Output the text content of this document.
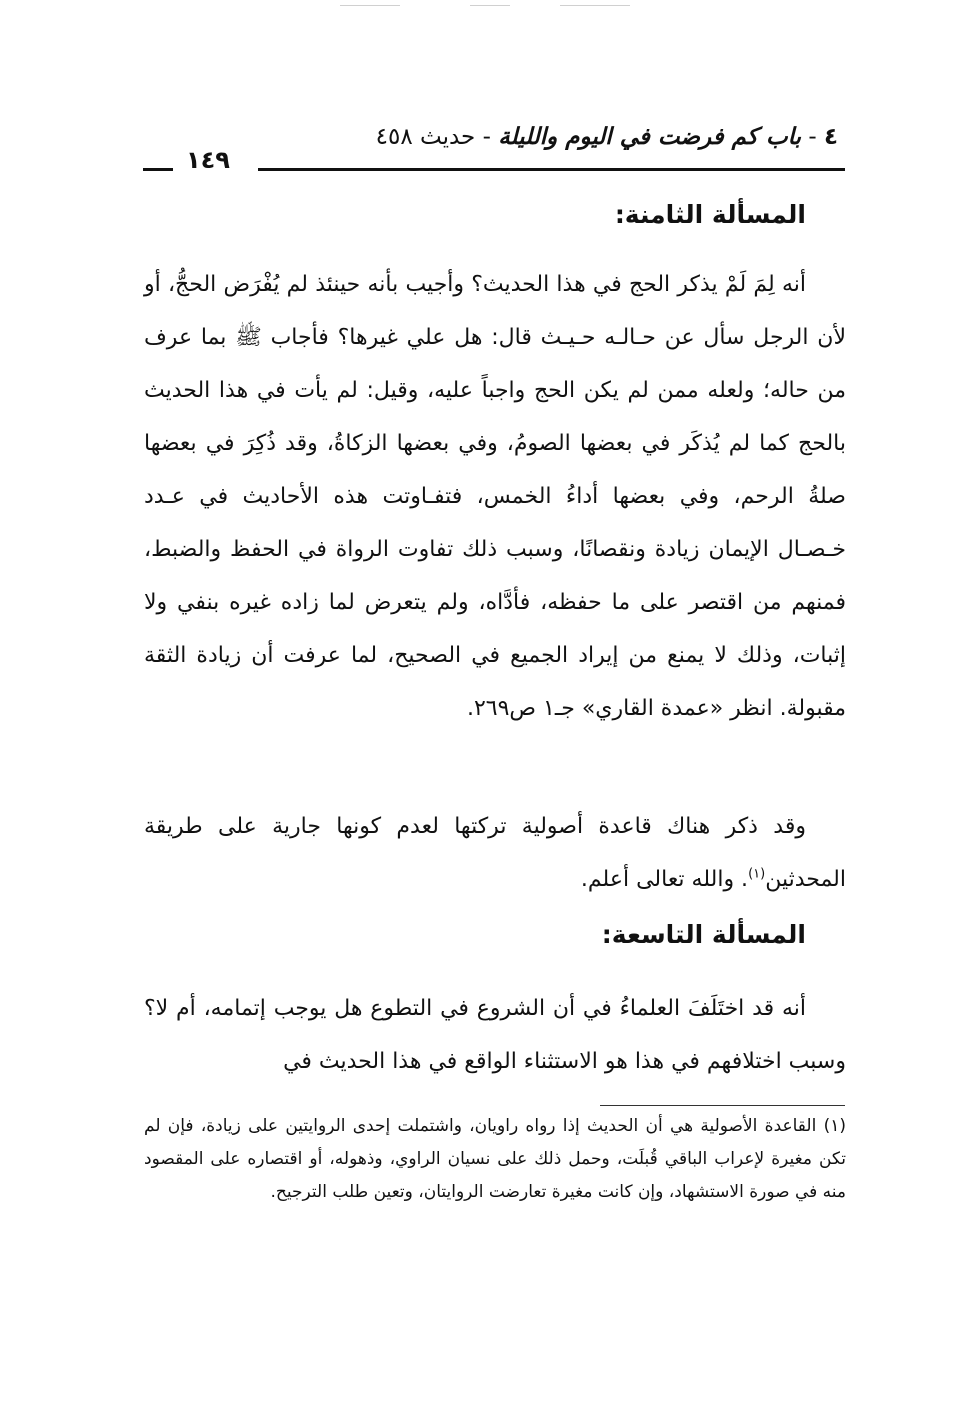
٤ - باب كم فرضت في اليوم والليلة - حديث ٤٥٨
١٤٩
المسألة الثامنة:

أنه لِمَ لَمْ يذكر الحج في هذا الحديث؟ وأجيب بأنه حينئذ لم يُفْرَض الحجُّ، أو لأن الرجل سأل عن حـالـه حـيـث قال: هل علي غيرها؟ فأجاب ﷺ بما عرف من حاله؛ ولعله ممن لم يكن الحج واجباً عليه، وقيل: لم يأت في هذا الحديث بالحج كما لم يُذكَر في بعضها الصومُ، وفي بعضها الزكاةُ، وقد ذُكِرَ في بعضها صلةُ الرحم، وفي بعضها أداءُ الخمس، فتفـاوتت هذه الأحاديث في عـدد خـصـال الإيمان زيادة ونقصانًا، وسبب ذلك تفاوت الرواة في الحفظ والضبط، فمنهم من اقتصر على ما حفظه، فأدَّاه، ولم يتعرض لما زاده غيره بنفي ولا إثبات، وذلك لا يمنع من إيراد الجميع في الصحيح، لما عرفت أن زيادة الثقة مقبولة. انظر «عمدة القاري» جـ١ ص٢٦٩.

وقد ذكر هناك قاعدة أصولية تركتها لعدم كونها جارية على طريقة المحدثين$^{(١)}$. والله تعالى أعلم.

المسألة التاسعة:

أنه قد اختَلَفَ العلماءُ في أن الشروع في التطوع هل يوجب إتمامه، أم لا؟ وسبب اختلافهم في هذا هو الاستثناء الواقع في هذا الحديث في

(١) القاعدة الأصولية هي أن الحديث إذا رواه راويان، واشتملت إحدى الروايتين على زيادة، فإن لم تكن مغيرة لإعراب الباقي قُبلَت، وحمل ذلك على نسيان الراوي، وذهوله، أو اقتصاره على المقصود منه في صورة الاستشهاد، وإن كانت مغيرة تعارضت الروايتان، وتعين طلب الترجيح.
